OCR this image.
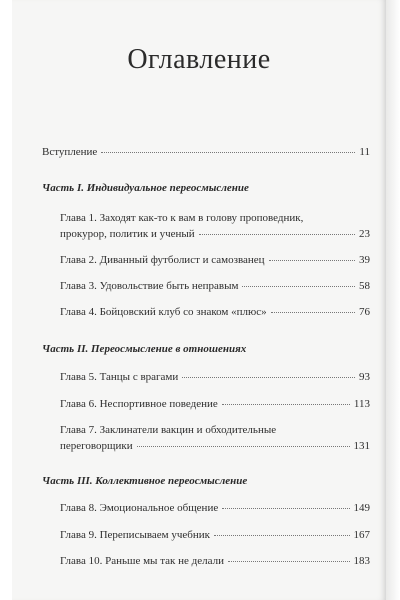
Оглавление
Вступление	11
Часть I. Индивидуальное переосмысление
Глава 1. Заходят как-то к вам в голову проповедник,
прокурор, политик и ученый	23
Глава 2. Диванный футболист и самозванец	39
Глава 3. Удовольствие быть неправым	58
Глава 4. Бойцовский клуб со знаком «плюс»	76
Часть II. Переосмысление в отношениях
Глава 5. Танцы с врагами	93
Глава 6. Неспортивное поведение	113
Глава 7. Заклинатели вакцин и обходительные
переговорщики	131
Часть III. Коллективное переосмысление
Глава 8. Эмоциональное общение	149
Глава 9. Переписываем учебник	167
Глава 10. Раньше мы так не делали	183
